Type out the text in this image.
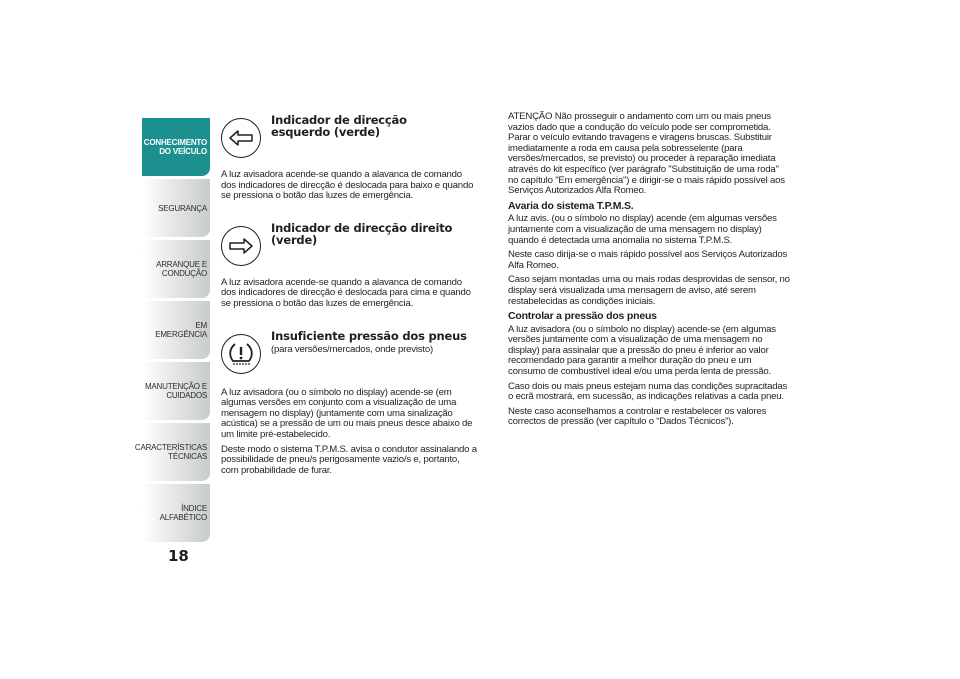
CONHECIMENTO
DO VEÍCULO
SEGURANÇA
ARRANQUE E
CONDUÇÃO
EM EMERGÊNCIA
MANUTENÇÃO E
CUIDADOS
CARACTERÍSTICAS
TÉCNICAS
ÍNDICE ALFABÉTICO
18
Indicador de direcção esquerdo (verde)

A luz avisadora acende-se quando a alavanca de comando dos indicadores de direcção é deslocada para baixo e quando se pressiona o botão das luzes de emergência.

Indicador de direcção direito (verde)

A luz avisadora acende-se quando a alavanca de comando dos indicadores de direcção é deslocada para cima e quando se pressiona o botão das luzes de emergência.

Insuficiente pressão dos pneus
(para versões/mercados, onde previsto)

A luz avisadora (ou o símbolo no display) acende-se (em algumas versões em conjunto com a visualização de uma mensagem no display) (juntamente com uma sinalização acústica) se a pressão de um ou mais pneus desce abaixo de um limite pré-estabelecido.

Deste modo o sistema T.P.M.S. avisa o condutor assinalando a possibilidade de pneu/s perigosamente vazio/s e, portanto, com probabilidade de furar.

ATENÇÃO Não prosseguir o andamento com um ou mais pneus vazios dado que a condução do veículo pode ser comprometida. Parar o veículo evitando travagens e viragens bruscas. Substituir imediatamente a roda em causa pela sobresselente (para versões/mercados, se previsto) ou proceder à reparação imediata através do kit específico (ver parágrafo "Substituição de uma roda" no capítulo "Em emergência") e dirigir-se o mais rápido possível aos Serviços Autorizados Alfa Romeo.

Avaria do sistema T.P.M.S.

A luz avis. (ou o símbolo no display) acende (em algumas versões juntamente com a visualização de uma mensagem no display) quando é detectada uma anomalia no sistema T.P.M.S.

Neste caso dirija-se o mais rápido possível aos Serviços Autorizados Alfa Romeo.

Caso sejam montadas uma ou mais rodas desprovidas de sensor, no display será visualizada uma mensagem de aviso, até serem restabelecidas as condições iniciais.

Controlar a pressão dos pneus

A luz avisadora (ou o símbolo no display) acende-se (em algumas versões juntamente com a visualização de uma mensagem no display) para assinalar que a pressão do pneu é inferior ao valor recomendado para garantir a melhor duração do pneu e um consumo de combustível ideal e/ou uma perda lenta de pressão.

Caso dois ou mais pneus estejam numa das condições supracitadas o ecrã mostrará, em sucessão, as indicações relativas a cada pneu.

Neste caso aconselhamos a controlar e restabelecer os valores correctos de pressão (ver capítulo o “Dados Técnicos”).
